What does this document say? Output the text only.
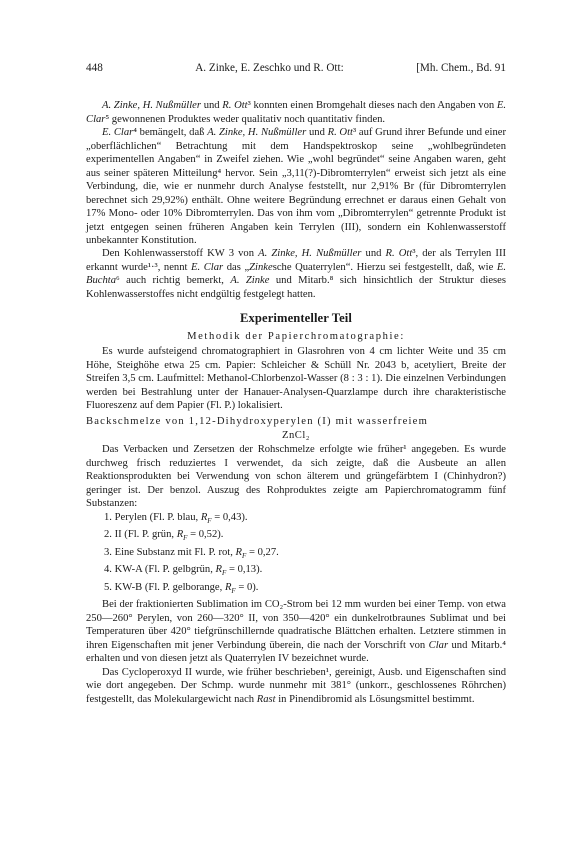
448	A. Zinke, E. Zeschko und R. Ott:	[Mh. Chem., Bd. 91

A. Zinke, H. Nußmüller und R. Ott³ konnten einen Bromgehalt dieses nach den Angaben von E. Clar⁵ gewonnenen Produktes weder qualitativ noch quantitativ finden.

E. Clar⁴ bemängelt, daß A. Zinke, H. Nußmüller und R. Ott³ auf Grund ihrer Befunde und einer „oberflächlichen“ Betrachtung mit dem Handspektroskop seine „wohlbegründeten experimentellen Angaben“ in Zweifel ziehen. Wie „wohl begründet“ seine Angaben waren, geht aus seiner späteren Mitteilung⁴ hervor. Sein „3,11(?)-Dibromterrylen“ erweist sich jetzt als eine Verbindung, die, wie er nunmehr durch Analyse feststellt, nur 2,91% Br (für Dibromterrylen berechnet sich 29,92%) enthält. Ohne weitere Begründung errechnet er daraus einen Gehalt von 17% Mono- oder 10% Dibromterrylen. Das von ihm vom „Dibromterrylen“ getrennte Produkt ist jetzt entgegen seinen früheren Angaben kein Terrylen (III), sondern ein Kohlenwasserstoff unbekannter Konstitution.

Den Kohlenwasserstoff KW 3 von A. Zinke, H. Nußmüller und R. Ott³, der als Terrylen III erkannt wurde¹·³, nennt E. Clar das „Zinkesche Quaterrylen“. Hierzu sei festgestellt, daß, wie E. Buchta⁶ auch richtig bemerkt, A. Zinke und Mitarb.⁸ sich hinsichtlich der Struktur dieses Kohlenwasserstoffes nicht endgültig festgelegt hatten.

Experimenteller Teil
Methodik der Papierchromatographie:

Es wurde aufsteigend chromatographiert in Glasrohren von 4 cm lichter Weite und 35 cm Höhe, Steighöhe etwa 25 cm. Papier: Schleicher & Schüll Nr. 2043 b, acetyliert, Breite der Streifen 3,5 cm. Laufmittel: Methanol-Chlorbenzol-Wasser (8 : 3 : 1). Die einzelnen Verbindungen werden bei Bestrahlung unter der Hanauer-Analysen-Quarzlampe durch ihre charakteristische Fluoreszenz auf dem Papier (Fl. P.) lokalisiert.

Backschmelze von 1,12-Dihydroxyperylen (I) mit wasserfreiem
ZnCl₂

Das Verbacken und Zersetzen der Rohschmelze erfolgte wie früher¹ angegeben. Es wurde durchweg frisch reduziertes I verwendet, da sich zeigte, daß die Ausbeute an allen Reaktionsprodukten bei Verwendung von schon älterem und grüngefärbtem I (Chinhydron?) geringer ist. Der benzol. Auszug des Rohproduktes zeigte am Papierchromatogramm fünf Substanzen:

1. Perylen (Fl. P. blau, $R_F = 0,43$).
2. II (Fl. P. grün, $R_F = 0,52$).
3. Eine Substanz mit Fl. P. rot, $R_F = 0,27$.
4. KW-A (Fl. P. gelbgrün, $R_F = 0,13$).
5. KW-B (Fl. P. gelborange, $R_F = 0$).

Bei der fraktionierten Sublimation im CO₂-Strom bei 12 mm wurden bei einer Temp. von etwa 250—260° Perylen, von 260—320° II, von 350—420° ein dunkelrotbraunes Sublimat und bei Temperaturen über 420° tiefgrünschillernde quadratische Blättchen erhalten. Letztere stimmen in ihren Eigenschaften mit jener Verbindung überein, die nach der Vorschrift von Clar und Mitarb.⁴ erhalten und von diesen jetzt als Quaterrylen IV bezeichnet wurde.

Das Cycloperoxyd II wurde, wie früher beschrieben¹, gereinigt, Ausb. und Eigenschaften sind wie dort angegeben. Der Schmp. wurde nunmehr mit 381° (unkorr., geschlossenes Röhrchen) festgestellt, das Molekulargewicht nach Rast in Pinendibromid als Lösungsmittel bestimmt.
